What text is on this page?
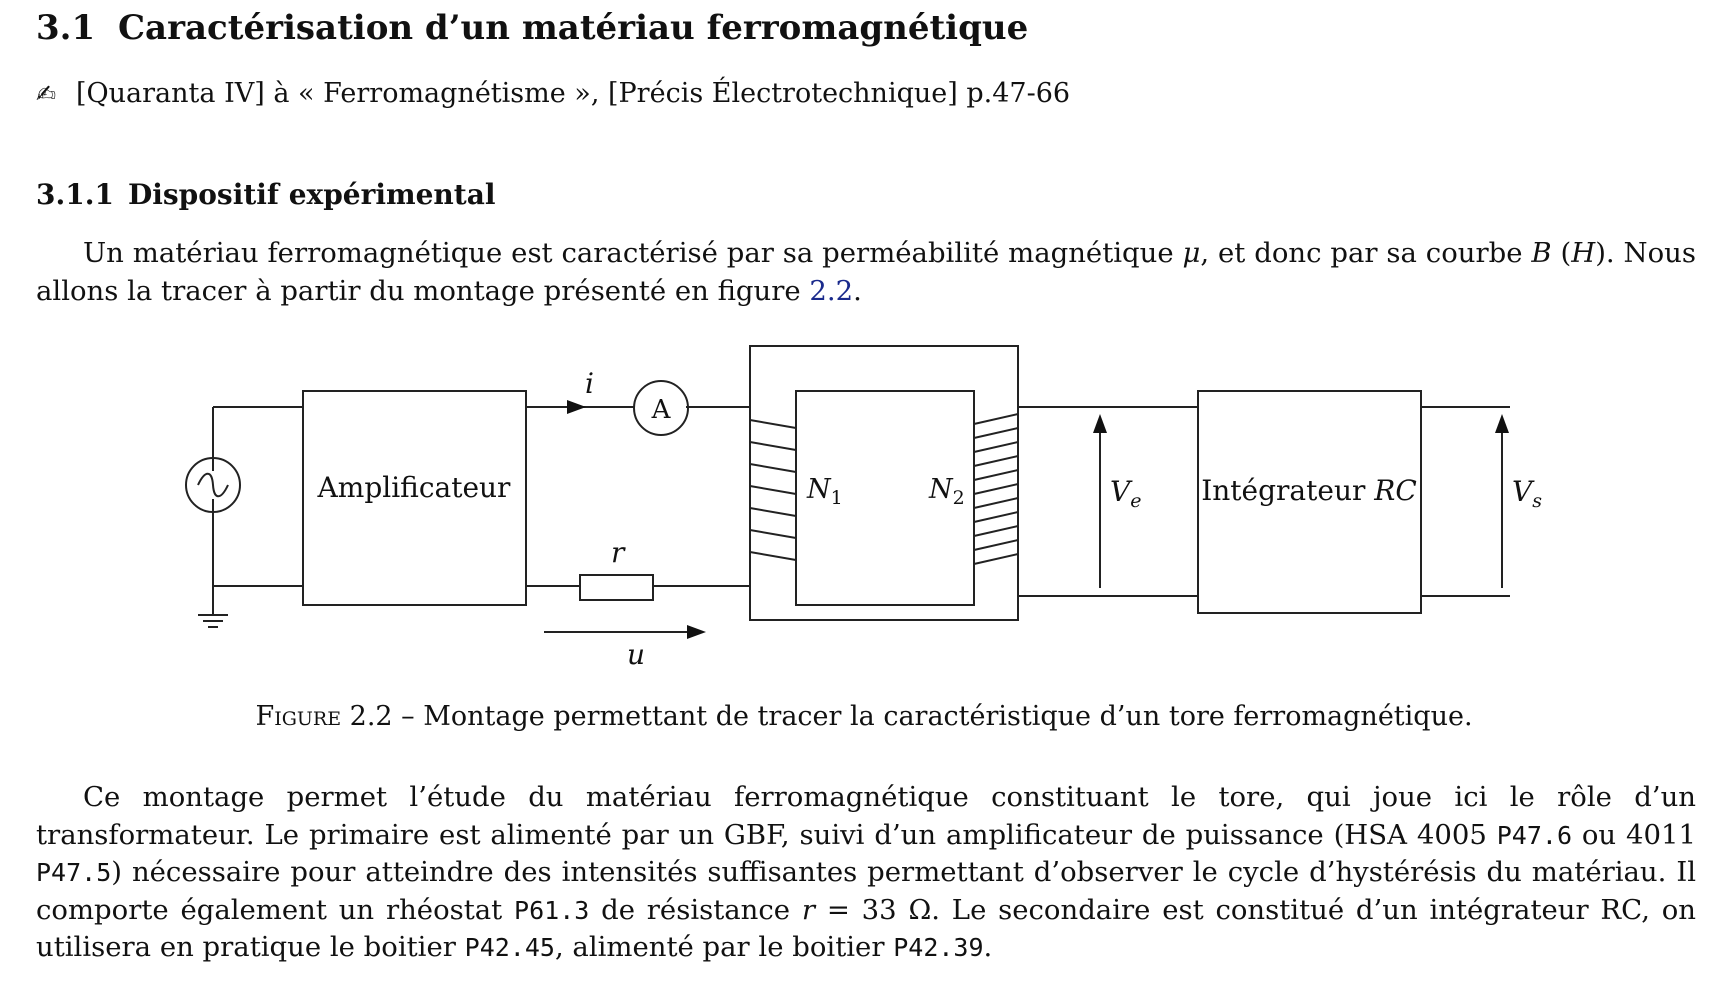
3.1 Caractérisation d’un matériau ferromagnétique
✍ [Quaranta IV] à « Ferromagnétisme », [Précis Électrotechnique] p.47-66
3.1.1 Dispositif expérimental

Un matériau ferromagnétique est caractérisé par sa perméabilité magnétique μ, et donc par sa courbe B (H). Nous allons la tracer à partir du montage présenté en figure 2.2.

Amplificateur
A
i
r
u
$N_1$	$N_2$	$V_e$ Intégrateur RC	$V_s$
Figure 2.2 – Montage permettant de tracer la caractéristique d’un tore ferromagnétique.

Ce montage permet l’étude du matériau ferromagnétique constituant le tore, qui joue ici le rôle d’un transformateur. Le primaire est alimenté par un GBF, suivi d’un amplificateur de puissance (HSA 4005 P47.6 ou 4011 P47.5) nécessaire pour atteindre des intensités suffisantes permettant d’observer le cycle d’hystérésis du matériau. Il comporte également un rhéostat P61.3 de résistance r = 33 Ω. Le secondaire est constitué d’un intégrateur RC, on utilisera en pratique le boitier P42.45, alimenté par le boitier P42.39.
